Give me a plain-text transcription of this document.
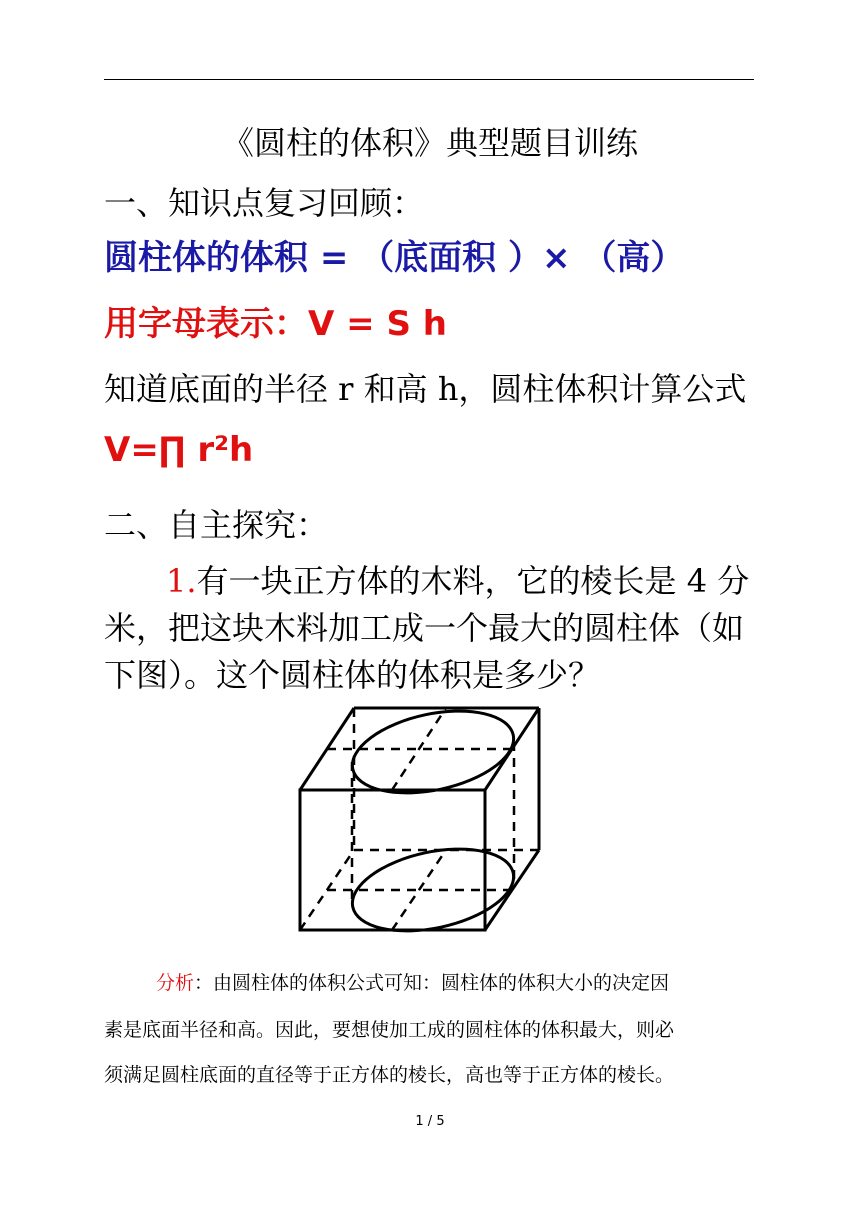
《圆柱的体积》典型题目训练
一、知识点复习回顾：
圆柱体的体积 = （底面积 ）× （高）
用字母表示：V = S h
知道底面的半径 r 和高 h，圆柱体积计算公式
V=∏ r²h
二、自主探究：
1.有一块正方体的木料，它的棱长是 4 分
米，把这块木料加工成一个最大的圆柱体（如
下图）。这个圆柱体的体积是多少？
分析：由圆柱体的体积公式可知：圆柱体的体积大小的决定因
素是底面半径和高。因此，要想使加工成的圆柱体的体积最大，则必
须满足圆柱底面的直径等于正方体的棱长，高也等于正方体的棱长。
1 / 5
